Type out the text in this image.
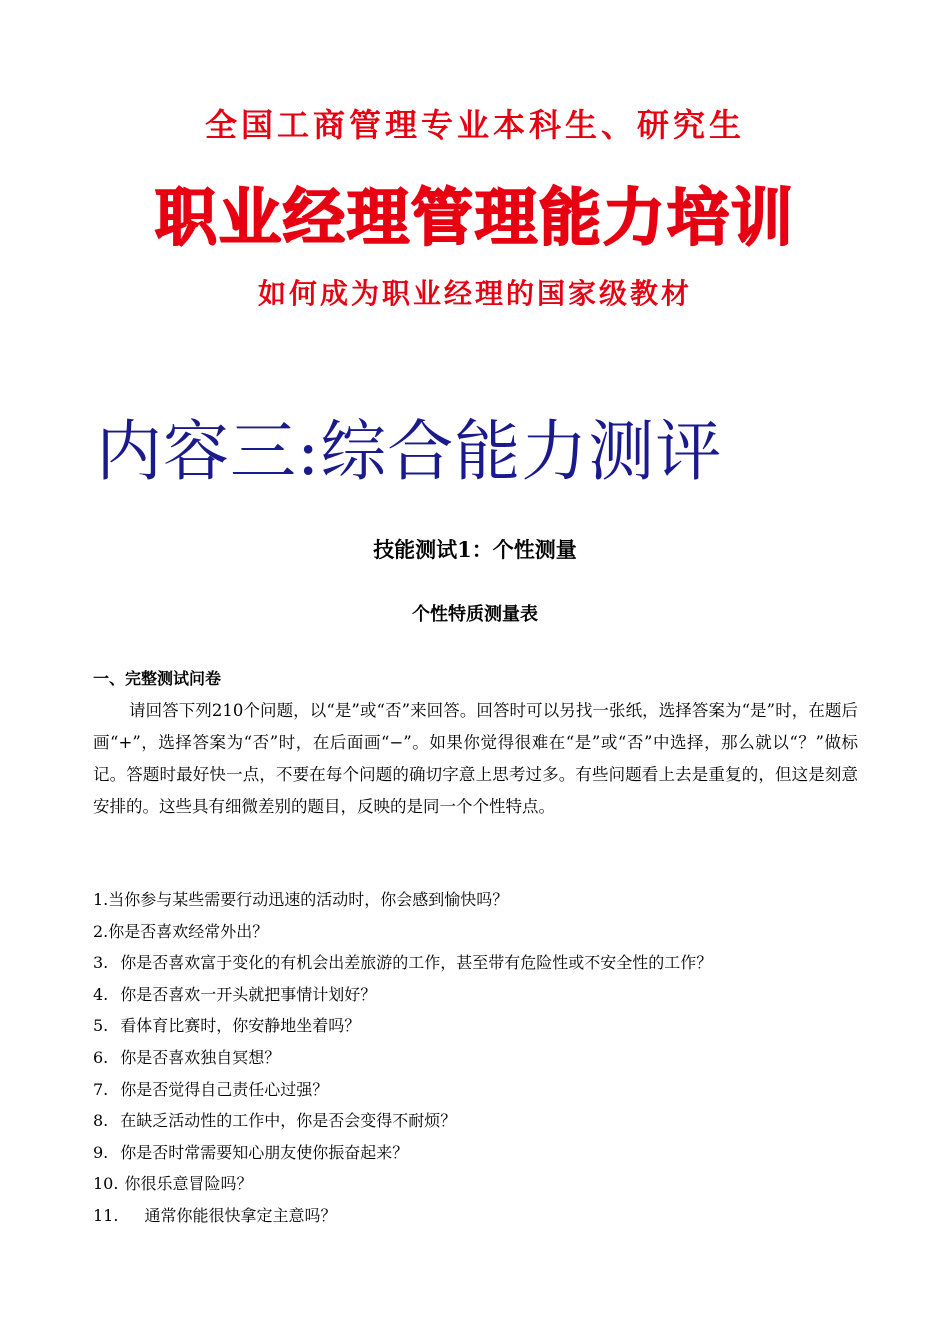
全国工商管理专业本科生、研究生
职业经理管理能力培训
如何成为职业经理的国家级教材
内容三:综合能力测评
技能测试1：个性测量
个性特质测量表
一、完整测试问卷
请回答下列210个问题，以“是”或“否”来回答。回答时可以另找一张纸，选择答案为“是”时，在题后画“+”，选择答案为“否”时，在后面画“−”。如果你觉得很难在“是”或“否”中选择，那么就以“？”做标记。答题时最好快一点，不要在每个问题的确切字意上思考过多。有些问题看上去是重复的，但这是刻意安排的。这些具有细微差别的题目，反映的是同一个个性特点。
1.当你参与某些需要行动迅速的活动时，你会感到愉快吗？
2.你是否喜欢经常外出？
3. 你是否喜欢富于变化的有机会出差旅游的工作，甚至带有危险性或不安全性的工作？
4. 你是否喜欢一开头就把事情计划好？
5. 看体育比赛时，你安静地坐着吗？
6. 你是否喜欢独自冥想？
7. 你是否觉得自己责任心过强？
8. 在缺乏活动性的工作中，你是否会变得不耐烦？
9. 你是否时常需要知心朋友使你振奋起来？
10. 你很乐意冒险吗？
11. 通常你能很快拿定主意吗？
